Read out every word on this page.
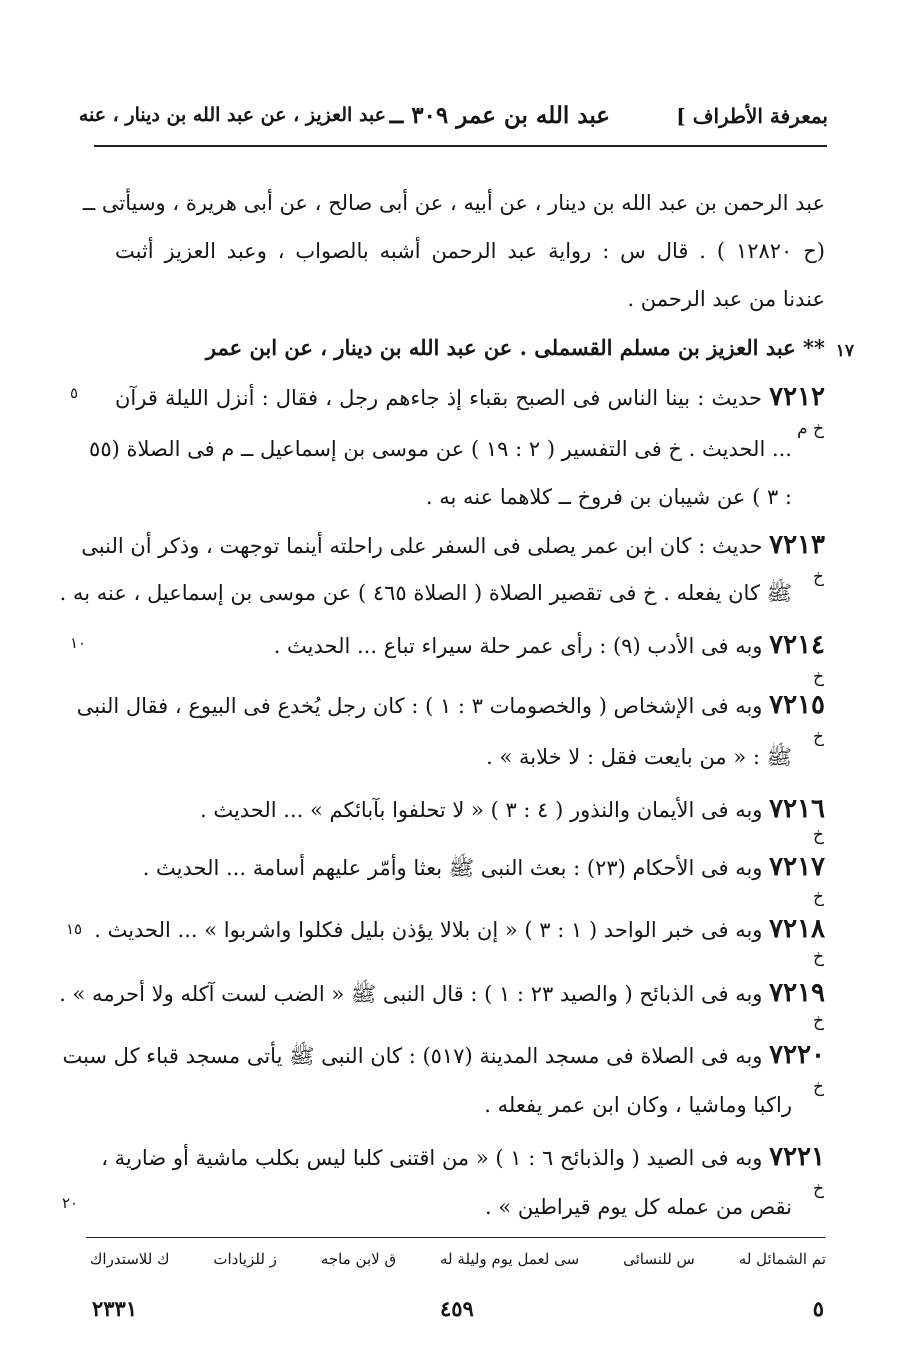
بمعرفة الأطراف ]
عبد الله بن عمر ٣٠٩ ــ
عبد العزيز ، عن عبد الله بن دينار ، عنه
عبد الرحمن بن عبد الله بن دينار ، عن أبيه ، عن أبى صالح ، عن أبى هريرة ، وسيأتى ــ
(ح ١٢٨٢٠ ) . قال س : رواية عبد الرحمن أشبه بالصواب ، وعبد العزيز أثبت
عندنا من عبد الرحمن .
١٧
** عبد العزيز بن مسلم القسملى . عن عبد الله بن دينار ، عن ابن عمر
٧٢١٢ حديث : بينا الناس فى الصبح بقباء إذ جاءهم رجل ، فقال : أنزل الليلة قرآن
خ م
... الحديث . خ فى التفسير ( ٢ : ١٩ ) عن موسى بن إسماعيل ــ م فى الصلاة (٥٥
: ٣ ) عن شيبان بن فروخ ــ كلاهما عنه به .
٧٢١٣ حديث : كان ابن عمر يصلى فى السفر على راحلته أينما توجهت ، وذكر أن النبى
خ
ﷺ كان يفعله . خ فى تقصير الصلاة ( الصلاة ٤٦٥ ) عن موسى بن إسماعيل ، عنه به .
٧٢١٤ وبه فى الأدب (٩) : رأى عمر حلة سيراء تباع ... الحديث .
خ
٧٢١٥ وبه فى الإشخاص ( والخصومات ٣ : ١ ) : كان رجل يُخدع فى البيوع ، فقال النبى
خ
ﷺ : « من بايعت فقل : لا خلابة » .
٧٢١٦ وبه فى الأيمان والنذور ( ٤ : ٣ ) « لا تحلفوا بآبائكم » ... الحديث .
خ
٧٢١٧ وبه فى الأحكام (٢٣) : بعث النبى ﷺ بعثا وأمّر عليهم أسامة ... الحديث .
خ
٧٢١٨ وبه فى خبر الواحد ( ١ : ٣ ) « إن بلالا يؤذن بليل فكلوا واشربوا » ... الحديث .
خ
٧٢١٩ وبه فى الذبائح ( والصيد ٢٣ : ١ ) : قال النبى ﷺ « الضب لست آكله ولا أحرمه » .
خ
٧٢٢٠ وبه فى الصلاة فى مسجد المدينة (٥١٧) : كان النبى ﷺ يأتى مسجد قباء كل سبت
خ
راكبا وماشيا ، وكان ابن عمر يفعله .
٧٢٢١ وبه فى الصيد ( والذبائح ٦ : ١ ) « من اقتنى كلبا ليس بكلب ماشية أو ضارية ،
خ
نقص من عمله كل يوم قيراطين » .
٥
١٠
١٥
٢٠
تم الشمائل له
س للنسائى
سى لعمل يوم وليلة له
ق لابن ماجه
ز للزيادات
ك للاستدراك
٢٣٣١	٤٥٩	٥
